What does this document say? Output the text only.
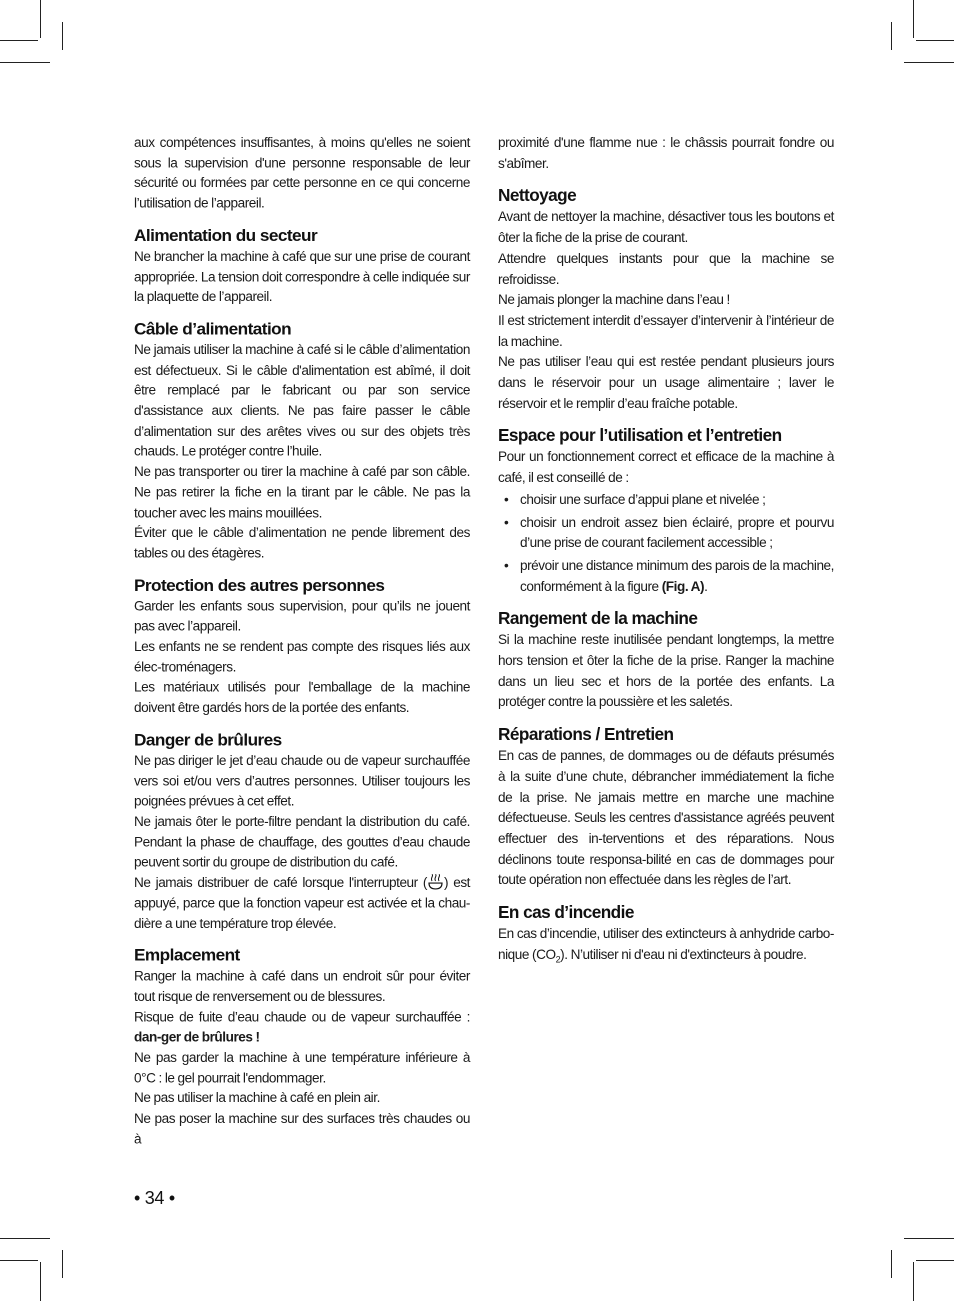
aux compétences insuffisantes, à moins qu'elles ne soient sous la supervision d'une personne responsable de leur sécurité ou formées par cette personne en ce qui concerne l’utilisation de l’appareil.

Alimentation du secteur

Ne brancher la machine à café que sur une prise de courant appropriée. La tension doit correspondre à celle indiquée sur la plaquette de l’appareil.

Câble d’alimentation

Ne jamais utiliser la machine à café si le câble d’alimentation est défectueux. Si le câble d'alimentation est abîmé, il doit être remplacé par le fabricant ou par son service d'assistance aux clients. Ne pas faire passer le câble d’alimentation sur des arêtes vives ou sur des objets très chauds. Le protéger contre l’huile.

Ne pas transporter ou tirer la machine à café par son câble. Ne pas retirer la fiche en la tirant par le câble. Ne pas la toucher avec les mains mouillées.

Éviter que le câble d’alimentation ne pende librement des tables ou des étagères.

Protection des autres personnes

Garder les enfants sous supervision, pour qu’ils ne jouent pas avec l’appareil.

Les enfants ne se rendent pas compte des risques liés aux élec-troménagers.

Les matériaux utilisés pour l'emballage de la machine doivent être gardés hors de la portée des enfants.

Danger de brûlures

Ne pas diriger le jet d’eau chaude ou de vapeur surchauffée vers soi et/ou vers d’autres personnes. Utiliser toujours les poignées prévues à cet effet.

Ne jamais ôter le porte-filtre pendant la distribution du café. Pendant la phase de chauffage, des gouttes d’eau chaude peuvent sortir du groupe de distribution du café.

Ne jamais distribuer de café lorsque l'interrupteur ( ) est appuyé, parce que la fonction vapeur est activée et la chau-dière a une température trop élevée.

Emplacement

Ranger la machine à café dans un endroit sûr pour éviter tout risque de renversement ou de blessures.

Risque de fuite d’eau chaude ou de vapeur surchauffée : dan-ger de brûlures !

Ne pas garder la machine à une température inférieure à 0°C : le gel pourrait l'endommager.

Ne pas utiliser la machine à café en plein air.

Ne pas poser la machine sur des surfaces très chaudes ou à

proximité d'une flamme nue : le châssis pourrait fondre ou s'abîmer.

Nettoyage

Avant de nettoyer la machine, désactiver tous les boutons et ôter la fiche de la prise de courant.

Attendre quelques instants pour que la machine se refroidisse.

Ne jamais plonger la machine dans l’eau !

Il est strictement interdit d’essayer d’intervenir à l’intérieur de la machine.

Ne pas utiliser l’eau qui est restée pendant plusieurs jours dans le réservoir pour un usage alimentaire ; laver le réservoir et le remplir d’eau fraîche potable.

Espace pour l’utilisation et l’entretien

Pour un fonctionnement correct et efficace de la machine à café, il est conseillé de :

• choisir une surface d’appui plane et nivelée ;
• choisir un endroit assez bien éclairé, propre et pourvu d’une prise de courant facilement accessible ;
• prévoir une distance minimum des parois de la machine, conformément à la figure (Fig. A).
Rangement de la machine

Si la machine reste inutilisée pendant longtemps, la mettre hors tension et ôter la fiche de la prise. Ranger la machine dans un lieu sec et hors de la portée des enfants. La protéger contre la poussière et les saletés.

Réparations / Entretien

En cas de pannes, de dommages ou de défauts présumés à la suite d’une chute, débrancher immédiatement la fiche de la prise. Ne jamais mettre en marche une machine défectueuse. Seuls les centres d'assistance agréés peuvent effectuer des in-terventions et des réparations. Nous déclinons toute responsa-bilité en cas de dommages pour toute opération non effectuée dans les règles de l’art.

En cas d’incendie

En cas d’incendie, utiliser des extincteurs à anhydride carbo-nique $(CO_2)$. N’utiliser ni d'eau ni d'extincteurs à poudre.

• 34 •
